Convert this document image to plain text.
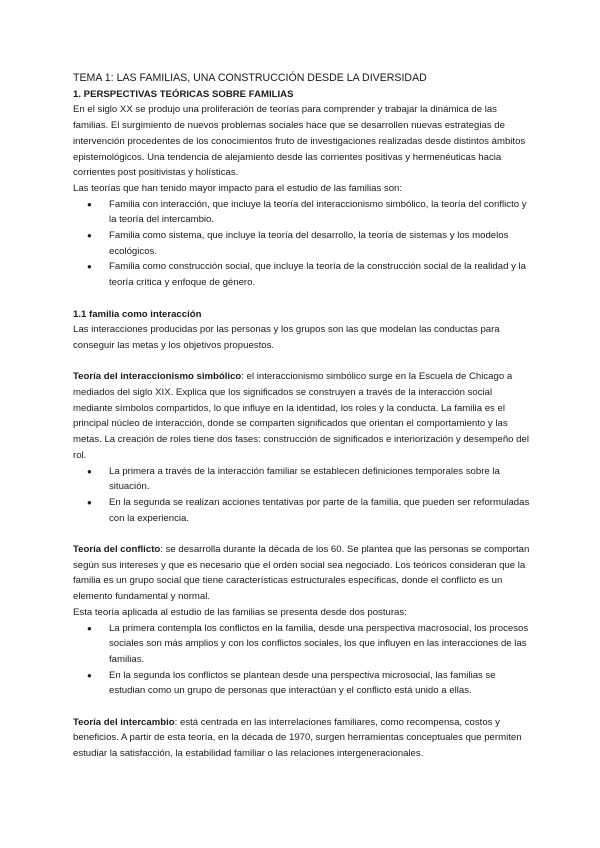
TEMA 1: LAS FAMILIAS, UNA CONSTRUCCIÓN DESDE LA DIVERSIDAD

1. PERSPECTIVAS TEÓRICAS SOBRE FAMILIAS

En el siglo XX se produjo una proliferación de teorías para comprender y trabajar la dinámica de las familias. El surgimiento de nuevos problemas sociales hace que se desarrollen nuevas estrategias de intervención procedentes de los conocimientos fruto de investigaciones realizadas desde distintos ámbitos epistemológicos. Una tendencia de alejamiento desde las corrientes positivas y hermenéuticas hacia corrientes post positivistas y holísticas.

Las teorías que han tenido mayor impacto para el estudio de las familias son:

● Familia con interacción, que incluye la teoría del interaccionismo simbólico, la teoría del conflicto y la teoría del intercambio.
● Familia como sistema, que incluye la teoría del desarrollo, la teoría de sistemas y los modelos ecológicos.
● Familia como construcción social, que incluye la teoría de la construcción social de la realidad y la teoría crítica y enfoque de género.

1.1 familia como interacción

Las interacciones producidas por las personas y los grupos son las que modelan las conductas para conseguir las metas y los objetivos propuestos.

Teoría del interaccionismo simbólico: el interaccionismo simbólico surge en la Escuela de Chicago a mediados del siglo XIX. Explica que los significados se construyen a través de la interacción social mediante símbolos compartidos, lo que influye en la identidad, los roles y la conducta. La familia es el principal núcleo de interacción, donde se comparten significados que orientan el comportamiento y las metas. La creación de roles tiene dos fases: construcción de significados e interiorización y desempeño del rol.

● La primera a través de la interacción familiar se establecen definiciones temporales sobre la situación.
● En la segunda se realizan acciones tentativas por parte de la familia, que pueden ser reformuladas con la experiencia.

Teoría del conflicto: se desarrolla durante la década de los 60. Se plantea que las personas se comportan según sus intereses y que es necesario que el orden social sea negociado. Los teóricos consideran que la familia es un grupo social que tiene características estructurales específicas, donde el conflicto es un elemento fundamental y normal.

Esta teoría aplicada al estudio de las familias se presenta desde dos posturas:

● La primera contempla los conflictos en la familia, desde una perspectiva macrosocial, los procesos sociales son más amplios y con los conflictos sociales, los que influyen en las interacciones de las familias.
● En la segunda los conflictos se plantean desde una perspectiva microsocial, las familias se estudian como un grupo de personas que interactúan y el conflicto está unido a ellas.

Teoría del intercambio: está centrada en las interrelaciones familiares, como recompensa, costos y beneficios. A partir de esta teoría, en la década de 1970, surgen herramientas conceptuales que permiten estudiar la satisfacción, la estabilidad familiar o las relaciones intergeneracionales.
